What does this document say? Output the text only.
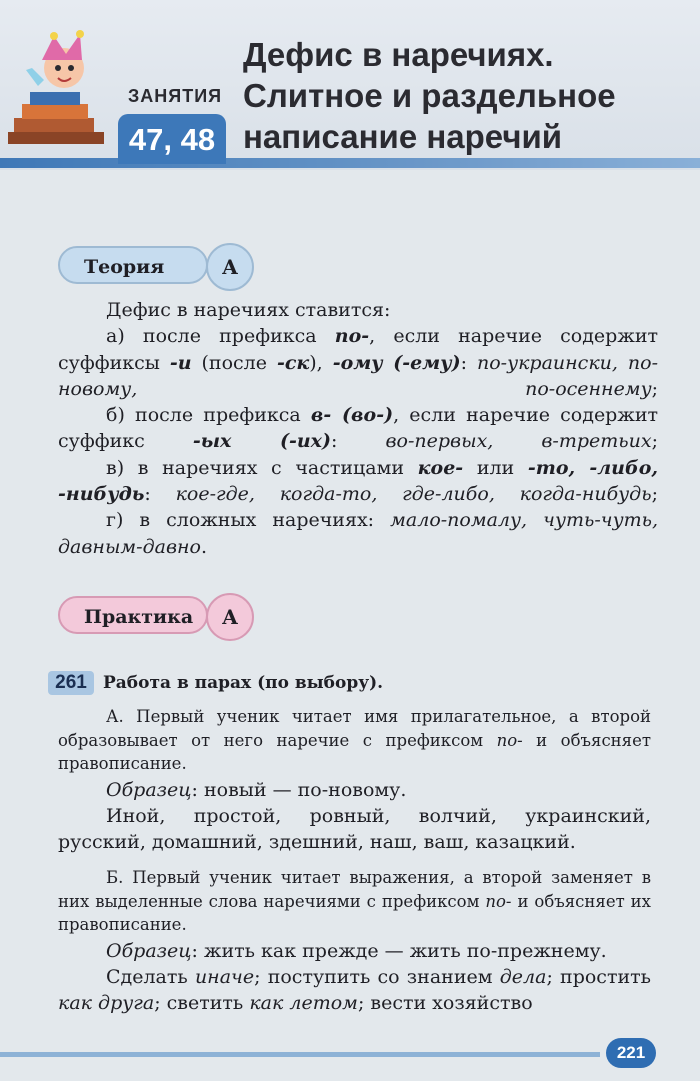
ЗАНЯТИЯ
47, 48
Дефис в наречиях.
Слитное и раздельное
написание наречий
Теория	А

Дефис в наречиях ставится:

а) после префикса по-, если наречие содержит суффиксы -и (после -ск), -ому (-ему): по-украински, по-новому, по-осеннему;

б) после префикса в- (во-), если наречие содержит суффикс -ых (-их): во-первых, в-третьих;

в) в наречиях с частицами кое- или -то, -либо, -нибудь: кое-где, когда-то, где-либо, когда-нибудь;

г) в сложных наречиях: мало-помалу, чуть-чуть, давным-давно.

Практика	А
261 Работа в парах (по выбору).

А. Первый ученик читает имя прилагательное, а второй образовывает от него наречие с префиксом по- и объясняет правописание.

Образец: новый — по-новому.

Иной, простой, ровный, волчий, украинский, русский, домашний, здешний, наш, ваш, казацкий.

Б. Первый ученик читает выражения, а второй заменяет в них выделенные слова наречиями с префиксом по- и объясняет их правописание.

Образец: жить как прежде — жить по-прежнему.

Сделать иначе; поступить со знанием дела; простить как друга; светить как летом; вести хозяйство

221
